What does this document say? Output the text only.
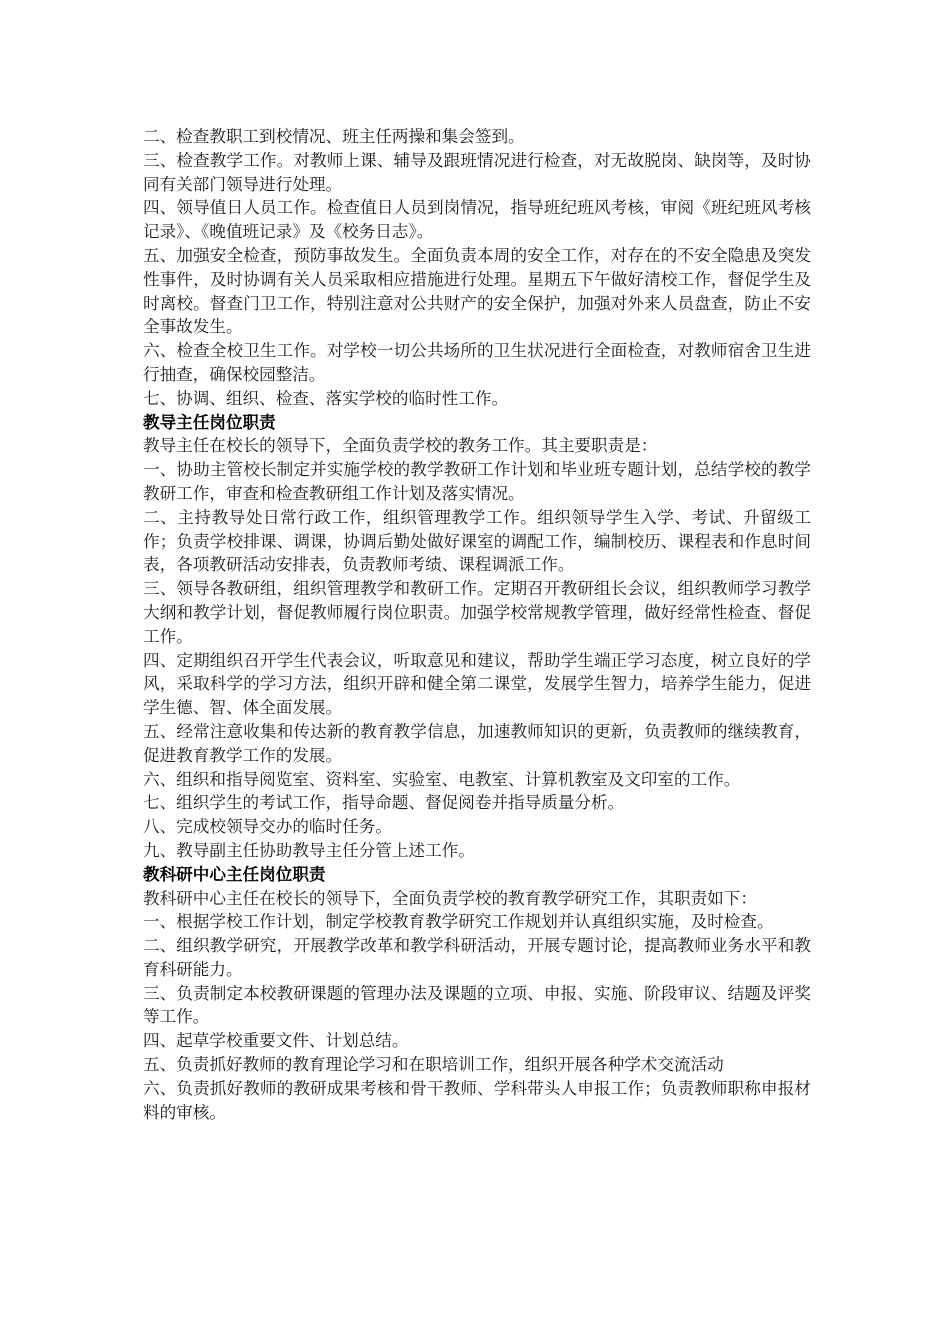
二、检查教职工到校情况、班主任两操和集会签到。

三、检查教学工作。对教师上课、辅导及跟班情况进行检查，对无故脱岗、缺岗等，及时协同有关部门领导进行处理。

四、领导值日人员工作。检查值日人员到岗情况，指导班纪班风考核，审阅《班纪班风考核记录》、《晚值班记录》及《校务日志》。

五、加强安全检查，预防事故发生。全面负责本周的安全工作，对存在的不安全隐患及突发性事件，及时协调有关人员采取相应措施进行处理。星期五下午做好清校工作，督促学生及时离校。督查门卫工作，特别注意对公共财产的安全保护，加强对外来人员盘查，防止不安全事故发生。

六、检查全校卫生工作。对学校一切公共场所的卫生状况进行全面检查，对教师宿舍卫生进行抽查，确保校园整洁。

七、协调、组织、检查、落实学校的临时性工作。

教导主任岗位职责

教导主任在校长的领导下，全面负责学校的教务工作。其主要职责是：

一、协助主管校长制定并实施学校的教学教研工作计划和毕业班专题计划，总结学校的教学教研工作，审查和检查教研组工作计划及落实情况。

二、主持教导处日常行政工作，组织管理教学工作。组织领导学生入学、考试、升留级工作；负责学校排课、调课，协调后勤处做好课室的调配工作，编制校历、课程表和作息时间表，各项教研活动安排表，负责教师考绩、课程调派工作。

三、领导各教研组，组织管理教学和教研工作。定期召开教研组长会议，组织教师学习教学大纲和教学计划，督促教师履行岗位职责。加强学校常规教学管理，做好经常性检查、督促工作。

四、定期组织召开学生代表会议，听取意见和建议，帮助学生端正学习态度，树立良好的学风，采取科学的学习方法，组织开辟和健全第二课堂，发展学生智力，培养学生能力，促进学生德、智、体全面发展。

五、经常注意收集和传达新的教育教学信息，加速教师知识的更新，负责教师的继续教育，促进教育教学工作的发展。

六、组织和指导阅览室、资料室、实验室、电教室、计算机教室及文印室的工作。

七、组织学生的考试工作，指导命题、督促阅卷并指导质量分析。

八、完成校领导交办的临时任务。

九、教导副主任协助教导主任分管上述工作。

教科研中心主任岗位职责

教科研中心主任在校长的领导下，全面负责学校的教育教学研究工作，其职责如下：

一、根据学校工作计划，制定学校教育教学研究工作规划并认真组织实施，及时检查。

二、组织教学研究，开展教学改革和教学科研活动，开展专题讨论，提高教师业务水平和教育科研能力。

三、负责制定本校教研课题的管理办法及课题的立项、申报、实施、阶段审议、结题及评奖等工作。

四、起草学校重要文件、计划总结。

五、负责抓好教师的教育理论学习和在职培训工作，组织开展各种学术交流活动

六、负责抓好教师的教研成果考核和骨干教师、学科带头人申报工作；负责教师职称申报材料的审核。
